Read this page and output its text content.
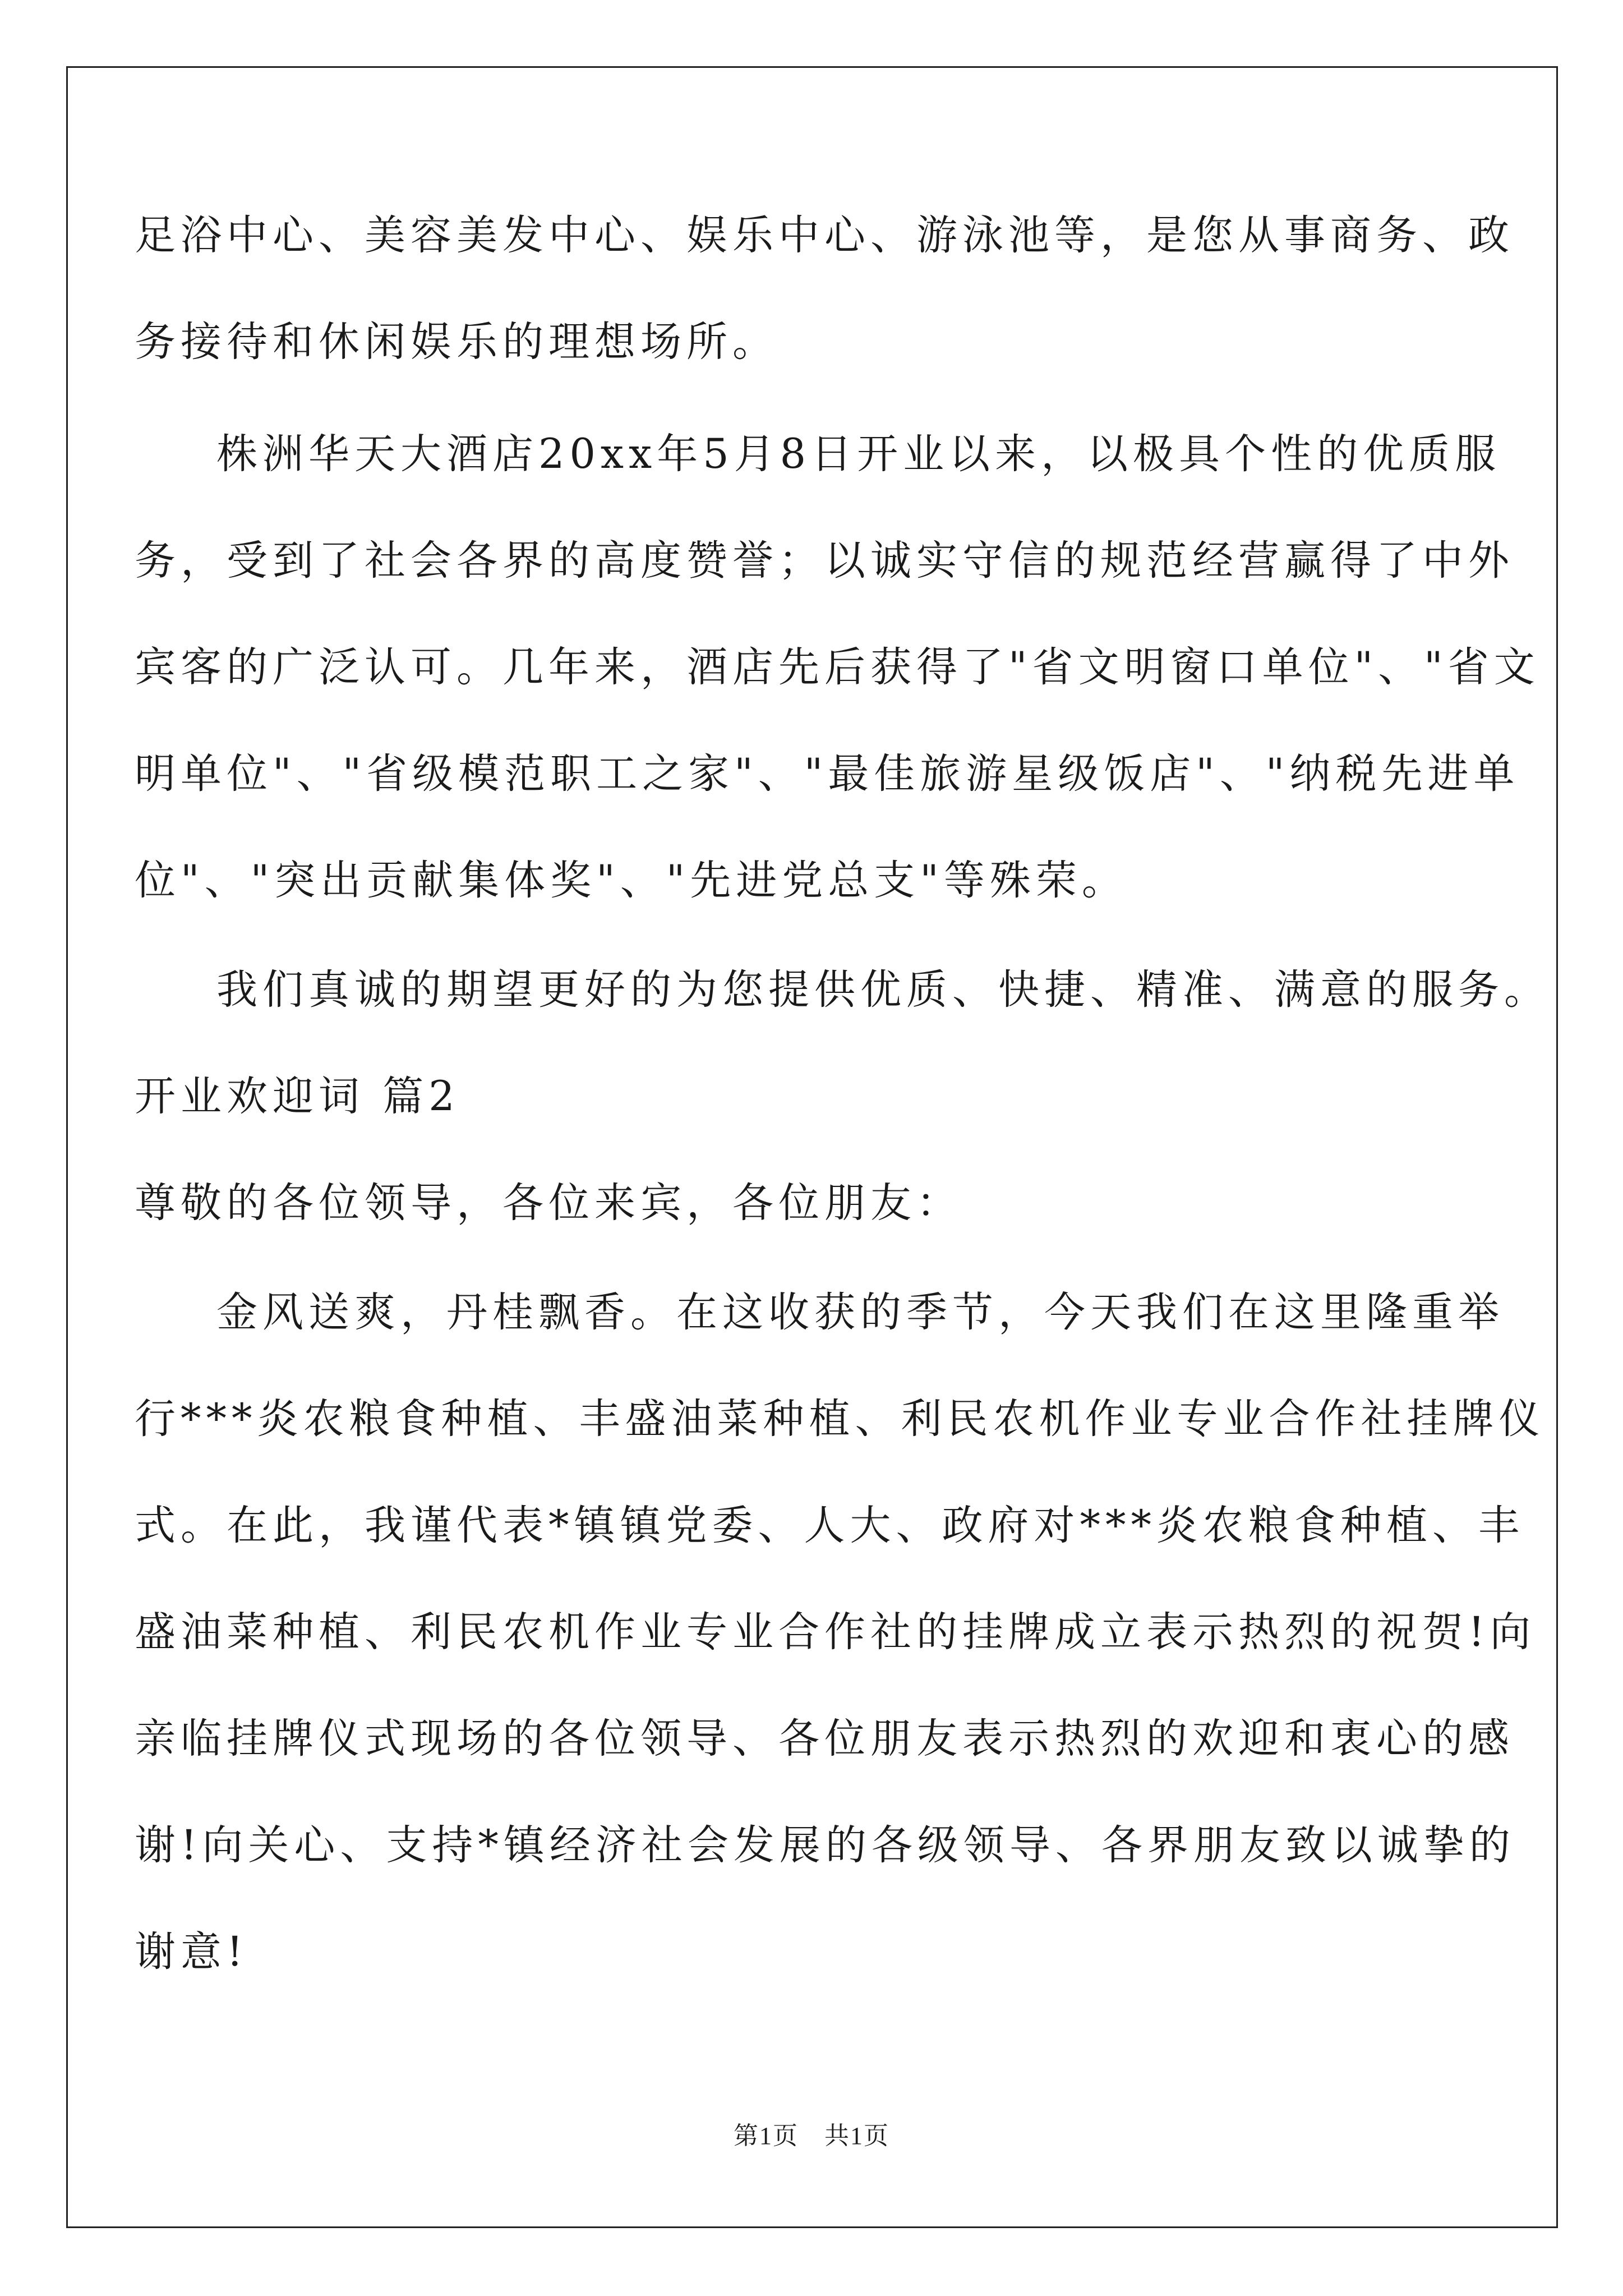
足浴中心、美容美发中心、娱乐中心、游泳池等，是您从事商务、政
务接待和休闲娱乐的理想场所。
株洲华天大酒店20xx年5月8日开业以来，以极具个性的优质服
务，受到了社会各界的高度赞誉；以诚实守信的规范经营赢得了中外
宾客的广泛认可。几年来，酒店先后获得了"省文明窗口单位"、"省文
明单位"、"省级模范职工之家"、"最佳旅游星级饭店"、"纳税先进单
位"、"突出贡献集体奖"、"先进党总支"等殊荣。
我们真诚的期望更好的为您提供优质、快捷、精准、满意的服务。
开业欢迎词 篇2
尊敬的各位领导，各位来宾，各位朋友：
金风送爽，丹桂飘香。在这收获的季节，今天我们在这里隆重举
行***炎农粮食种植、丰盛油菜种植、利民农机作业专业合作社挂牌仪
式。在此，我谨代表*镇镇党委、人大、政府对***炎农粮食种植、丰
盛油菜种植、利民农机作业专业合作社的挂牌成立表示热烈的祝贺!向
亲临挂牌仪式现场的各位领导、各位朋友表示热烈的欢迎和衷心的感
谢!向关心、支持*镇经济社会发展的各级领导、各界朋友致以诚挚的
谢意!
第1页　共1页
